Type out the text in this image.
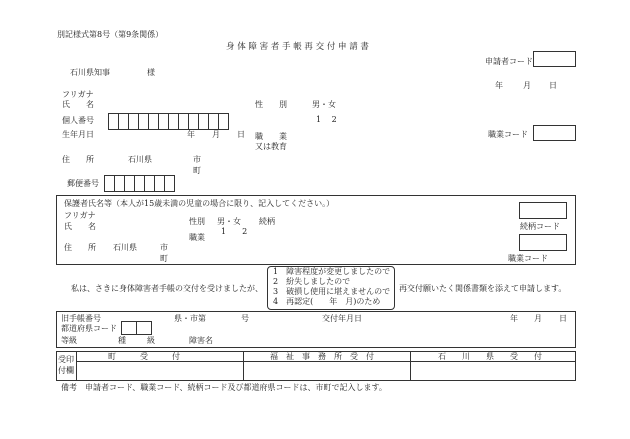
別記様式第8号（第9条関係）
身 体 障 害 者 手 帳 再 交 付 申 請 書
申請者コード
石川県知事	様
年	月 日
フリガナ
氏　　名	性　　別	男・女
1　 2
個人番号
生年月日	年 月 日 職　　業
又は教育
職業コード
住　　所	石川県	市
町
郵便番号
保護者氏名等（本人が15歳未満の児童の場合に限り、記入してください。）
フリガナ
氏　　名
性別 男・女 続柄
1　　2
職業
続柄コード
職業コード
住　　所 石川県	市
町
私は、さきに身体障害者手帳の交付を受けましたが、
1　障害程度が変更しましたので
2　紛失しましたので
3　破損し使用に堪えませんので
4　再認定(　　年　月)のため
再交付願いたく関係書類を添えて申請します。
旧手帳番号	県・市第	号	交付年月日	年 月 日
都道府県コード
等級	種	級	障害名
受印
付欄
町　　　受　　　付	福　祉　事　務　所　受　付	石　　川　　県　　受　　付
備考　申請者コード、職業コード、続柄コード及び都道府県コードは、市町で記入します。
